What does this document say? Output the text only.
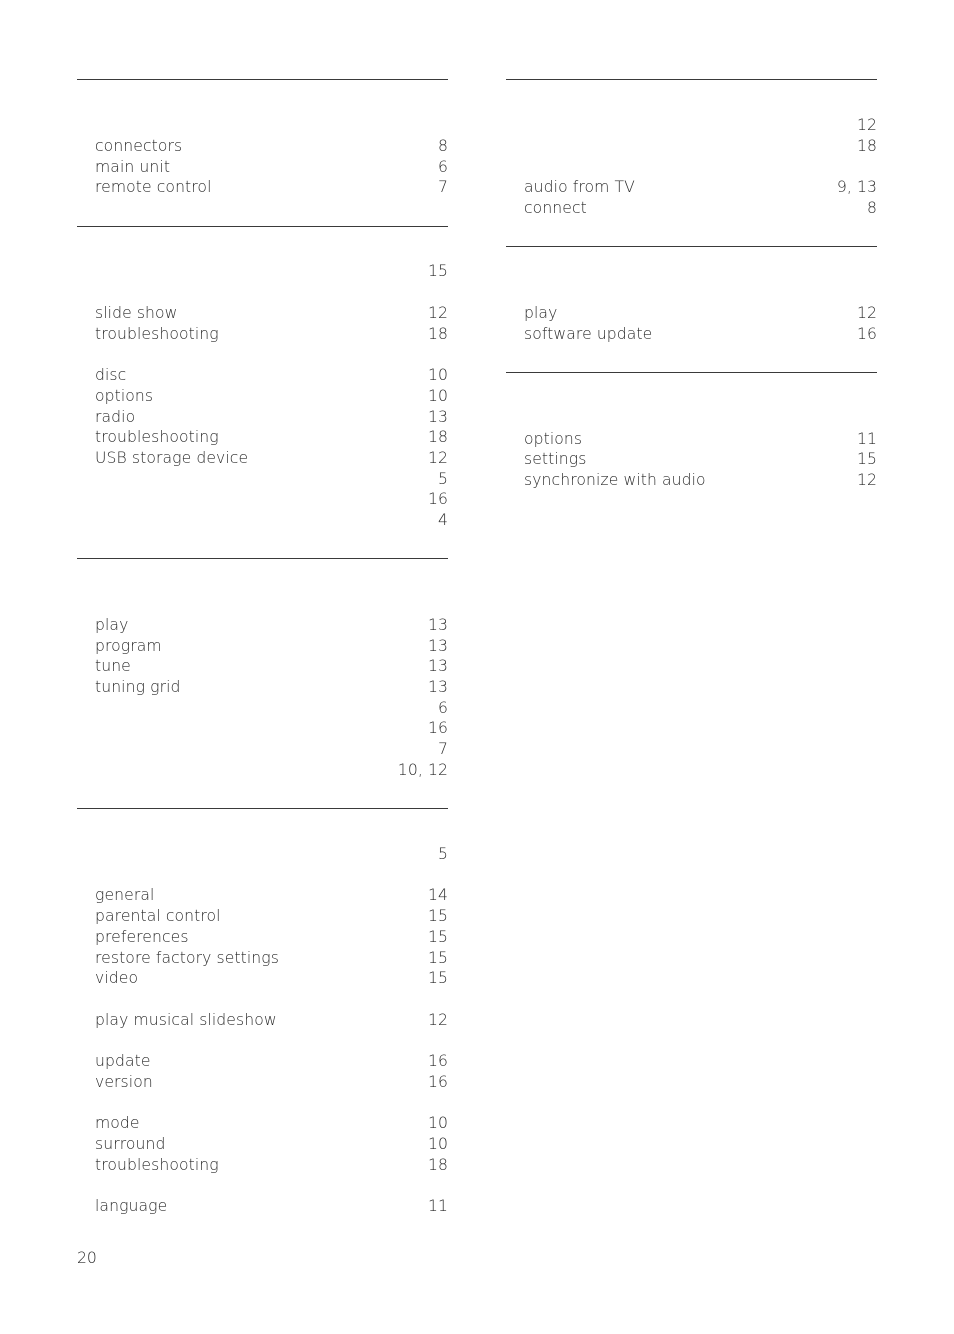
connectors	8
main unit	6
remote control	7
15
slide show	12
troubleshooting	18
disc	10
options	10
radio	13
troubleshooting	18
USB storage device	12
5
16
4
play	13
program	13
tune	13
tuning grid	13
6
16
7
10, 12
5
general	14
parental control	15
preferences	15
restore factory settings	15
video	15
play musical slideshow	12
update	16
version	16
mode	10
surround	10
troubleshooting	18
language	11
12
18
audio from TV	9, 13
connect	8
play	12
software update	16
options	11
settings	15
synchronize with audio	12
20
